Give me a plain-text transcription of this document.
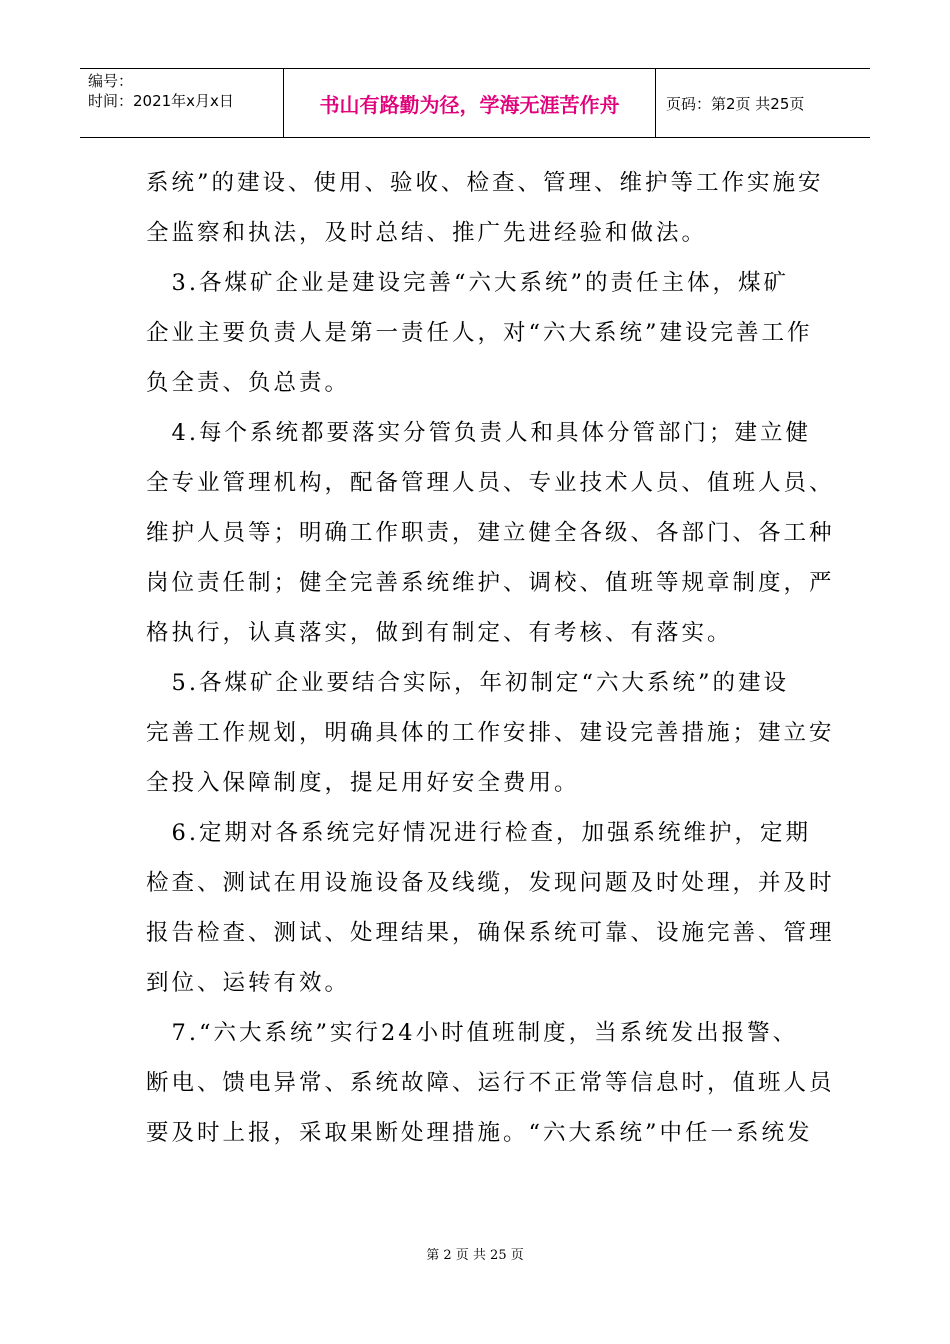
编号：
时间：2021年x月x日	书山有路勤为径，学海无涯苦作舟	页码：第2页 共25页
系统”的建设、使用、验收、检查、管理、维护等工作实施安
全监察和执法，及时总结、推广先进经验和做法。
　3.各煤矿企业是建设完善“六大系统”的责任主体，煤矿
企业主要负责人是第一责任人，对“六大系统”建设完善工作
负全责、负总责。
　4.每个系统都要落实分管负责人和具体分管部门；建立健
全专业管理机构，配备管理人员、专业技术人员、值班人员、
维护人员等；明确工作职责，建立健全各级、各部门、各工种
岗位责任制；健全完善系统维护、调校、值班等规章制度，严
格执行，认真落实，做到有制定、有考核、有落实。
　5.各煤矿企业要结合实际，年初制定“六大系统”的建设
完善工作规划，明确具体的工作安排、建设完善措施；建立安
全投入保障制度，提足用好安全费用。
　6.定期对各系统完好情况进行检查，加强系统维护，定期
检查、测试在用设施设备及线缆，发现问题及时处理，并及时
报告检查、测试、处理结果，确保系统可靠、设施完善、管理
到位、运转有效。
　7.“六大系统”实行24小时值班制度，当系统发出报警、
断电、馈电异常、系统故障、运行不正常等信息时，值班人员
要及时上报，采取果断处理措施。“六大系统”中任一系统发
第 2 页 共 25 页
